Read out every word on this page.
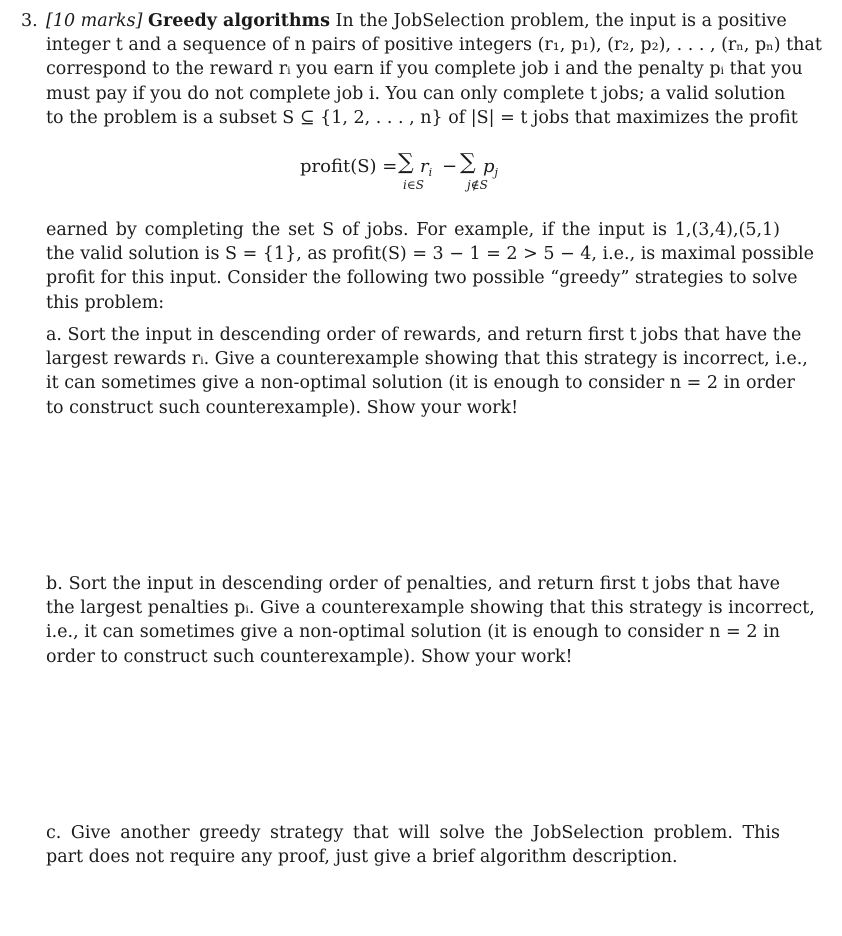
3. [10 marks] Greedy algorithms In the JobSelection problem, the input is a positive
integer t and a sequence of n pairs of positive integers (r₁, p₁), (r₂, p₂), . . . , (rₙ, pₙ) that
correspond to the reward rᵢ you earn if you complete job i and the penalty pᵢ that you
must pay if you do not complete job i. You can only complete t jobs; a valid solution
to the problem is a subset S ⊆ {1, 2, . . . , n} of |S| = t jobs that maximizes the profit
profit(S) = ∑ $r_i$ − ∑ $p_j$
i∈S	j∉S
earned by completing the set S of jobs. For example, if the input is 1,(3,4),(5,1)
the valid solution is S = {1}, as profit(S) = 3 − 1 = 2 > 5 − 4, i.e., is maximal possible
profit for this input. Consider the following two possible “greedy” strategies to solve
this problem:
a. Sort the input in descending order of rewards, and return first t jobs that have the
largest rewards rᵢ. Give a counterexample showing that this strategy is incorrect, i.e.,
it can sometimes give a non-optimal solution (it is enough to consider n = 2 in order
to construct such counterexample). Show your work!
b. Sort the input in descending order of penalties, and return first t jobs that have
the largest penalties pᵢ. Give a counterexample showing that this strategy is incorrect,
i.e., it can sometimes give a non-optimal solution (it is enough to consider n = 2 in
order to construct such counterexample). Show your work!
c. Give another greedy strategy that will solve the JobSelection problem. This
part does not require any proof, just give a brief algorithm description.
